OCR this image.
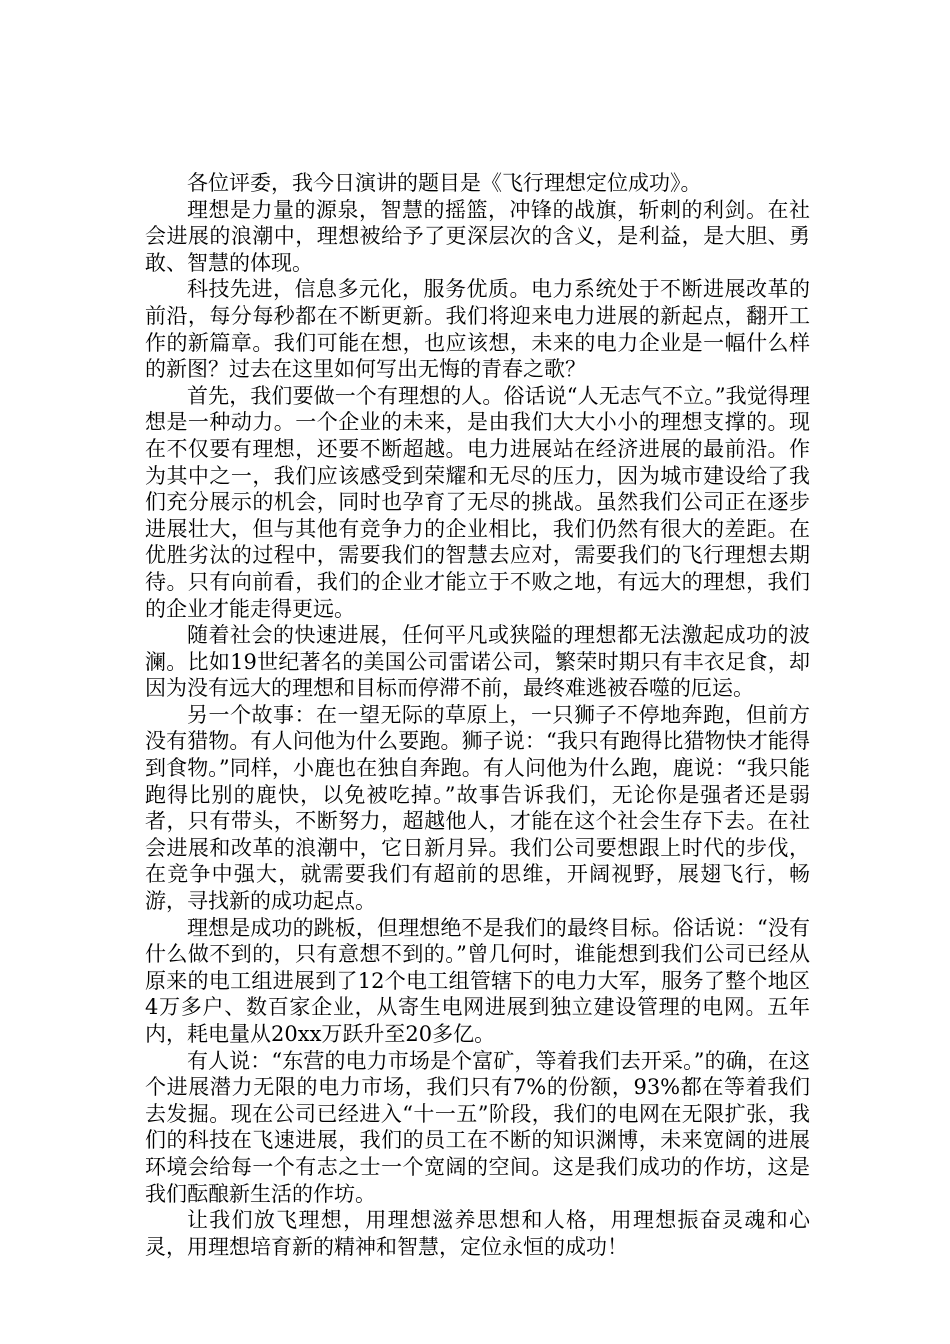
各位评委，我今日演讲的题目是《飞行理想定位成功》。

理想是力量的源泉，智慧的摇篮，冲锋的战旗，斩刺的利剑。在社会进展的浪潮中，理想被给予了更深层次的含义，是利益，是大胆、勇敢、智慧的体现。

科技先进，信息多元化，服务优质。电力系统处于不断进展改革的前沿，每分每秒都在不断更新。我们将迎来电力进展的新起点，翻开工作的新篇章。我们可能在想，也应该想，未来的电力企业是一幅什么样的新图？过去在这里如何写出无悔的青春之歌？

首先，我们要做一个有理想的人。俗话说“人无志气不立。”我觉得理想是一种动力。一个企业的未来，是由我们大大小小的理想支撑的。现在不仅要有理想，还要不断超越。电力进展站在经济进展的最前沿。作为其中之一，我们应该感受到荣耀和无尽的压力，因为城市建设给了我们充分展示的机会，同时也孕育了无尽的挑战。虽然我们公司正在逐步进展壮大，但与其他有竞争力的企业相比，我们仍然有很大的差距。在优胜劣汰的过程中，需要我们的智慧去应对，需要我们的飞行理想去期待。只有向前看，我们的企业才能立于不败之地，有远大的理想，我们的企业才能走得更远。

随着社会的快速进展，任何平凡或狭隘的理想都无法激起成功的波澜。比如19世纪著名的美国公司雷诺公司，繁荣时期只有丰衣足食，却因为没有远大的理想和目标而停滞不前，最终难逃被吞噬的厄运。

另一个故事：在一望无际的草原上，一只狮子不停地奔跑，但前方没有猎物。有人问他为什么要跑。狮子说：“我只有跑得比猎物快才能得到食物。”同样，小鹿也在独自奔跑。有人问他为什么跑，鹿说：“我只能跑得比别的鹿快，以免被吃掉。”故事告诉我们，无论你是强者还是弱者，只有带头，不断努力，超越他人，才能在这个社会生存下去。在社会进展和改革的浪潮中，它日新月异。我们公司要想跟上时代的步伐，在竞争中强大，就需要我们有超前的思维，开阔视野，展翅飞行，畅游，寻找新的成功起点。

理想是成功的跳板，但理想绝不是我们的最终目标。俗话说：“没有什么做不到的，只有意想不到的。”曾几何时，谁能想到我们公司已经从原来的电工组进展到了12个电工组管辖下的电力大军，服务了整个地区4万多户、数百家企业，从寄生电网进展到独立建设管理的电网。五年内，耗电量从20xx万跃升至20多亿。

有人说：“东营的电力市场是个富矿，等着我们去开采。”的确，在这个进展潜力无限的电力市场，我们只有7%的份额，93%都在等着我们去发掘。现在公司已经进入“十一五”阶段，我们的电网在无限扩张，我们的科技在飞速进展，我们的员工在不断的知识渊博，未来宽阔的进展环境会给每一个有志之士一个宽阔的空间。这是我们成功的作坊，这是我们酝酿新生活的作坊。

让我们放飞理想，用理想滋养思想和人格，用理想振奋灵魂和心灵，用理想培育新的精神和智慧，定位永恒的成功！
